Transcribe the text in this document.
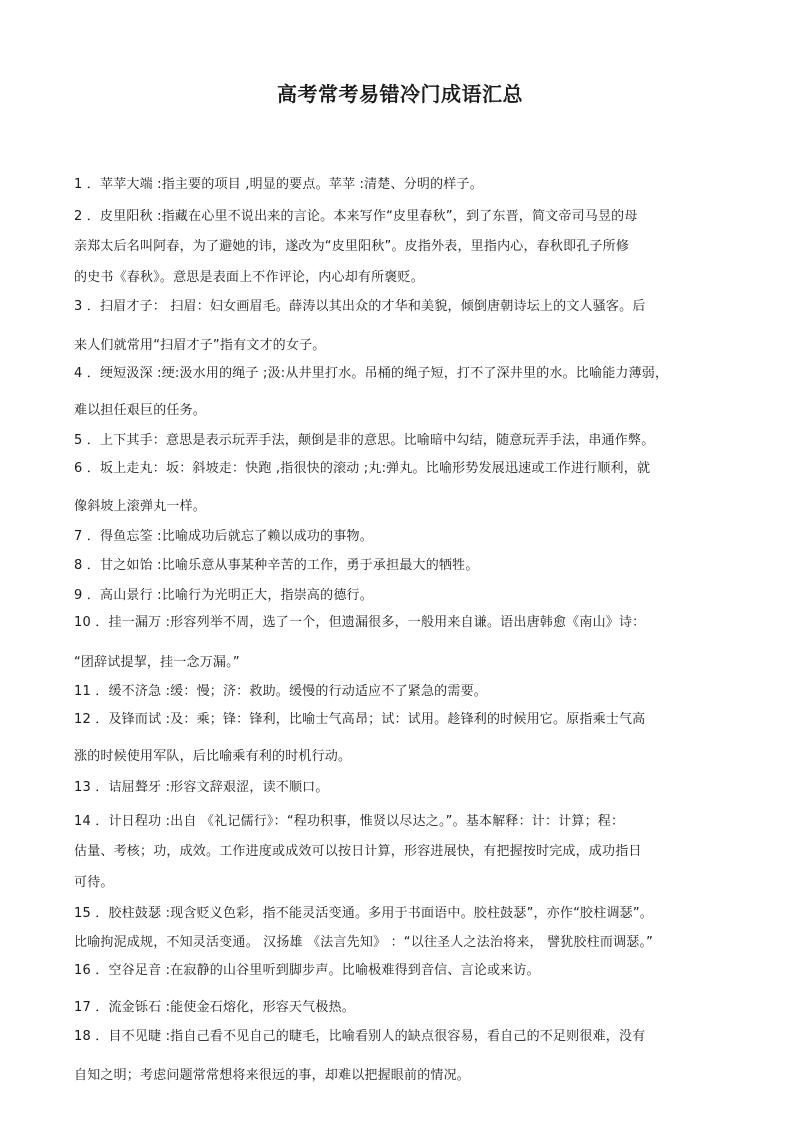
高考常考易错冷门成语汇总
1 ．苹苹大端 :指主要的项目 ,明显的要点。苹苹 :清楚、分明的样子。
2 ．皮里阳秋 :指藏在心里不说出来的言论。本来写作“皮里春秋”，到了东晋，简文帝司马昱的母
亲郑太后名叫阿春，为了避她的讳，遂改为“皮里阳秋”。皮指外表，里指内心，春秋即孔子所修
的史书《春秋》。意思是表面上不作评论，内心却有所褒贬。
3 ．扫眉才子： 扫眉：妇女画眉毛。薛涛以其出众的才华和美貌，倾倒唐朝诗坛上的文人骚客。后
来人们就常用“扫眉才子”指有文才的女子。
4 ．绠短汲深 :绠:汲水用的绳子 ;汲:从井里打水。吊桶的绳子短，打不了深井里的水。比喻能力薄弱，
难以担任艰巨的任务。
5 ．上下其手：意思是表示玩弄手法，颠倒是非的意思。比喻暗中勾结，随意玩弄手法，串通作弊。
6 ．坂上走丸：坂：斜坡走：快跑 ,指很快的滚动 ;丸:弹丸。比喻形势发展迅速或工作进行顺利，就
像斜坡上滚弹丸一样。
7 ．得鱼忘筌 :比喻成功后就忘了赖以成功的事物。
8 ．甘之如饴 :比喻乐意从事某种辛苦的工作，勇于承担最大的牺牲。
9 ．高山景行 :比喻行为光明正大，指崇高的德行。
10 ．挂一漏万 :形容列举不周，选了一个，但遗漏很多，一般用来自谦。语出唐韩愈《南山》诗：
“团辞试提挈，挂一念万漏。”
11 ．缓不济急 :缓：慢；济：救助。缓慢的行动适应不了紧急的需要。
12 ．及锋而试 :及：乘；锋：锋利，比喻士气高昂；试：试用。趁锋利的时候用它。原指乘士气高
涨的时候使用军队，后比喻乘有利的时机行动。
13 ．诘屈聱牙 :形容文辞艰涩，读不顺口。
14 ．计日程功 :出自 《礼记儒行》：“程功积事，惟贤以尽达之。”。基本解释：计：计算；程：
估量、考核；功，成效。工作进度或成效可以按日计算，形容进展快，有把握按时完成，成功指日
可待。
15 ．胶柱鼓瑟 :现含贬义色彩，指不能灵活变通。多用于书面语中。胶柱鼓瑟”，亦作“胶柱调瑟”。
比喻拘泥成规，不知灵活变通。 汉扬雄 《法言先知》 ：“以往圣人之法治将来， 譬犹胶柱而调瑟。”
16 ．空谷足音 :在寂静的山谷里听到脚步声。比喻极难得到音信、言论或来访。
17 ．流金铄石 :能使金石熔化，形容天气极热。
18 ．目不见睫 :指自己看不见自己的睫毛，比喻看别人的缺点很容易，看自己的不足则很难，没有
自知之明；考虑问题常常想将来很远的事，却难以把握眼前的情况。
